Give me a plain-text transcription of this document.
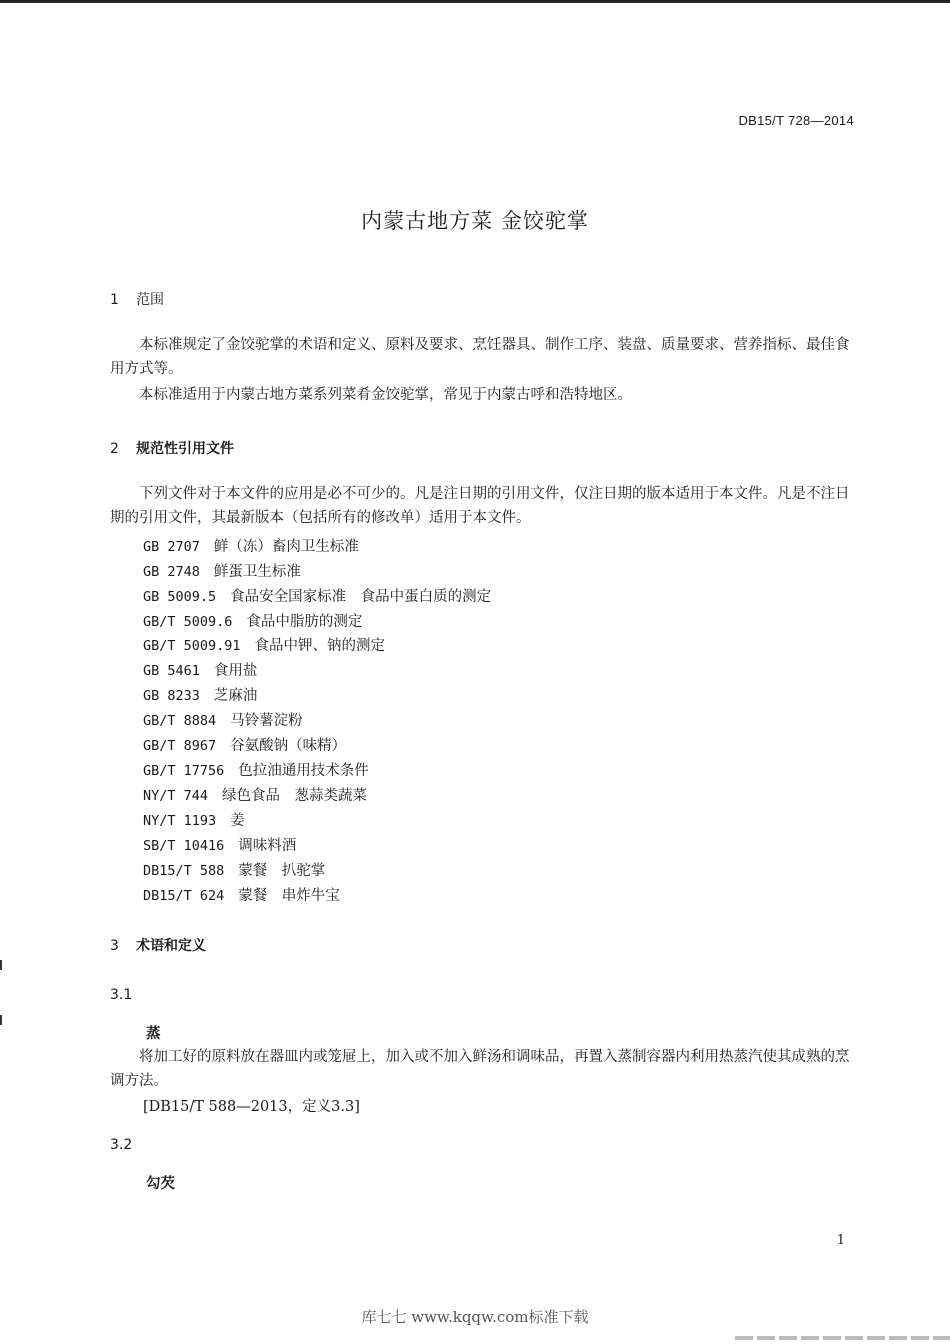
DB15/T 728—2014
内蒙古地方菜 金饺驼掌
1 范围
本标准规定了金饺驼掌的术语和定义、原料及要求、烹饪器具、制作工序、装盘、质量要求、营养指标、最佳食用方式等。
本标准适用于内蒙古地方菜系列菜肴金饺驼掌，常见于内蒙古呼和浩特地区。
2 规范性引用文件
下列文件对于本文件的应用是必不可少的。凡是注日期的引用文件，仅注日期的版本适用于本文件。凡是不注日期的引用文件，其最新版本（包括所有的修改单）适用于本文件。
GB 2707 鲜（冻）畜肉卫生标准
GB 2748 鲜蛋卫生标准
GB 5009.5 食品安全国家标准　食品中蛋白质的测定
GB/T 5009.6 食品中脂肪的测定
GB/T 5009.91 食品中钾、钠的测定
GB 5461 食用盐
GB 8233 芝麻油
GB/T 8884 马铃薯淀粉
GB/T 8967 谷氨酸钠（味精）
GB/T 17756 色拉油通用技术条件
NY/T 744 绿色食品　葱蒜类蔬菜
NY/T 1193 姜
SB/T 10416 调味料酒
DB15/T 588 蒙餐　扒驼掌
DB15/T 624 蒙餐　串炸牛宝
3 术语和定义
3.1
蒸
将加工好的原料放在器皿内或笼屉上，加入或不加入鲜汤和调味品，再置入蒸制容器内利用热蒸汽使其成熟的烹调方法。
[DB15/T 588—2013，定义3.3]
3.2
勾芡
1
库七七 www.kqqw.com标准下载
